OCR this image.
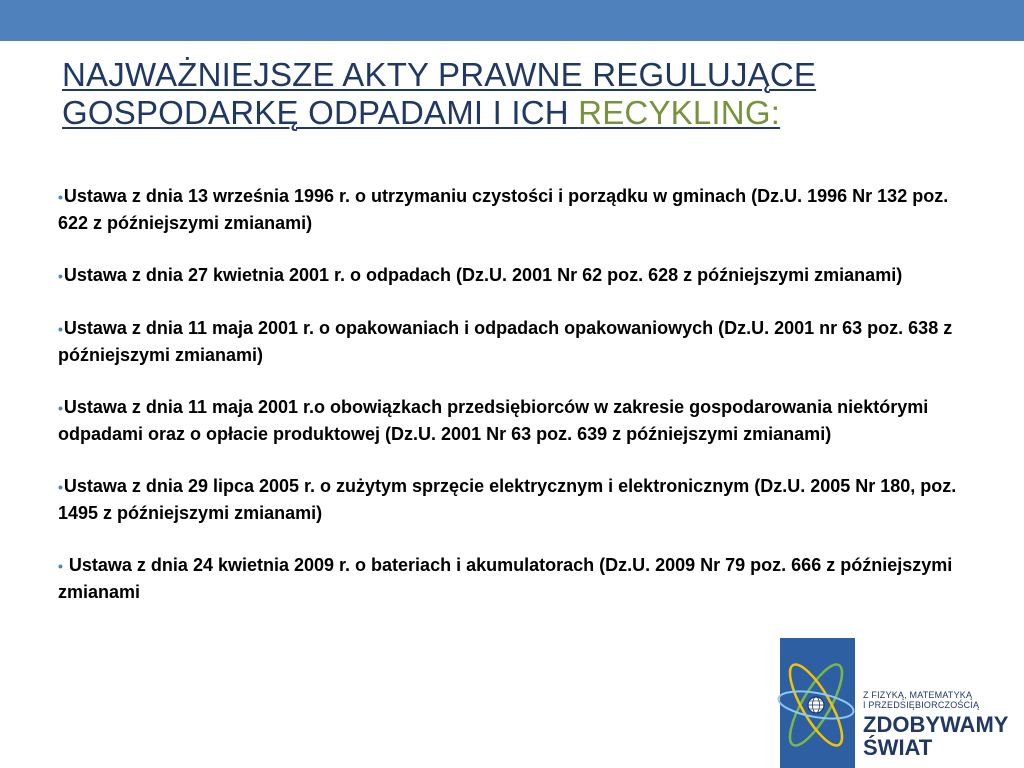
NAJWAŻNIEJSZE AKTY PRAWNE REGULUJĄCE GOSPODARKĘ ODPADAMI I ICH RECYKLING:

•Ustawa z dnia 13 września 1996 r. o utrzymaniu czystości i porządku w gminach (Dz.U. 1996 Nr 132 poz. 622 z późniejszymi zmianami)

•Ustawa z dnia 27 kwietnia 2001 r. o odpadach (Dz.U. 2001 Nr 62 poz. 628 z późniejszymi zmianami)

•Ustawa z dnia 11 maja 2001 r. o opakowaniach i odpadach opakowaniowych (Dz.U. 2001 nr 63 poz. 638 z późniejszymi zmianami)

•Ustawa z dnia 11 maja 2001 r.o obowiązkach przedsiębiorców w zakresie gospodarowania niektórymi odpadami oraz o opłacie produktowej (Dz.U. 2001 Nr 63 poz. 639 z późniejszymi zmianami)

•Ustawa z dnia 29 lipca 2005 r. o zużytym sprzęcie elektrycznym i elektronicznym (Dz.U. 2005 Nr 180, poz. 1495 z późniejszymi zmianami)

• Ustawa z dnia 24 kwietnia 2009 r. o bateriach i akumulatorach (Dz.U. 2009 Nr 79 poz. 666 z późniejszymi zmianami

Z FIZYKĄ, MATEMATYKĄ
I PRZEDSIĘBIORCZOŚCIĄ
ZDOBYWAMY
ŚWIAT
